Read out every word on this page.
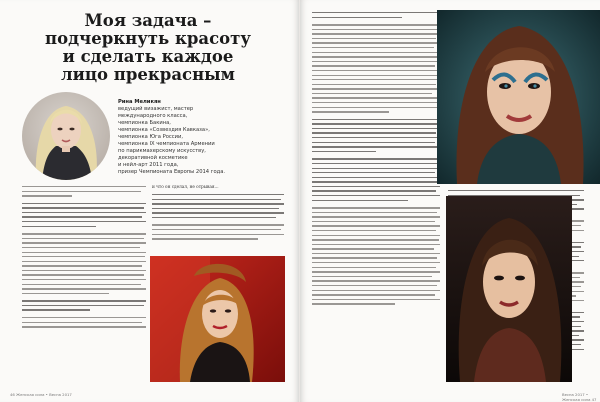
Моя задача – подчеркнуть красоту и сделать каждое лицо прекрасным
Рина Меликян
ведущий визажист, мастер
международного класса,
чемпионка Бакина,
чемпионка «Созвездия Кавказа»,
чемпионка Юга России,
чемпионка IX чемпионата Армении
по парикмахерскому искусству,
декоративной косметике
и нейл-арт 2011 года,
призер Чемпионата Европы 2014 года.
и что он сделал, не отрывая...
46 Женская сила • Весна 2017	Весна 2017 • Женская сила 47
